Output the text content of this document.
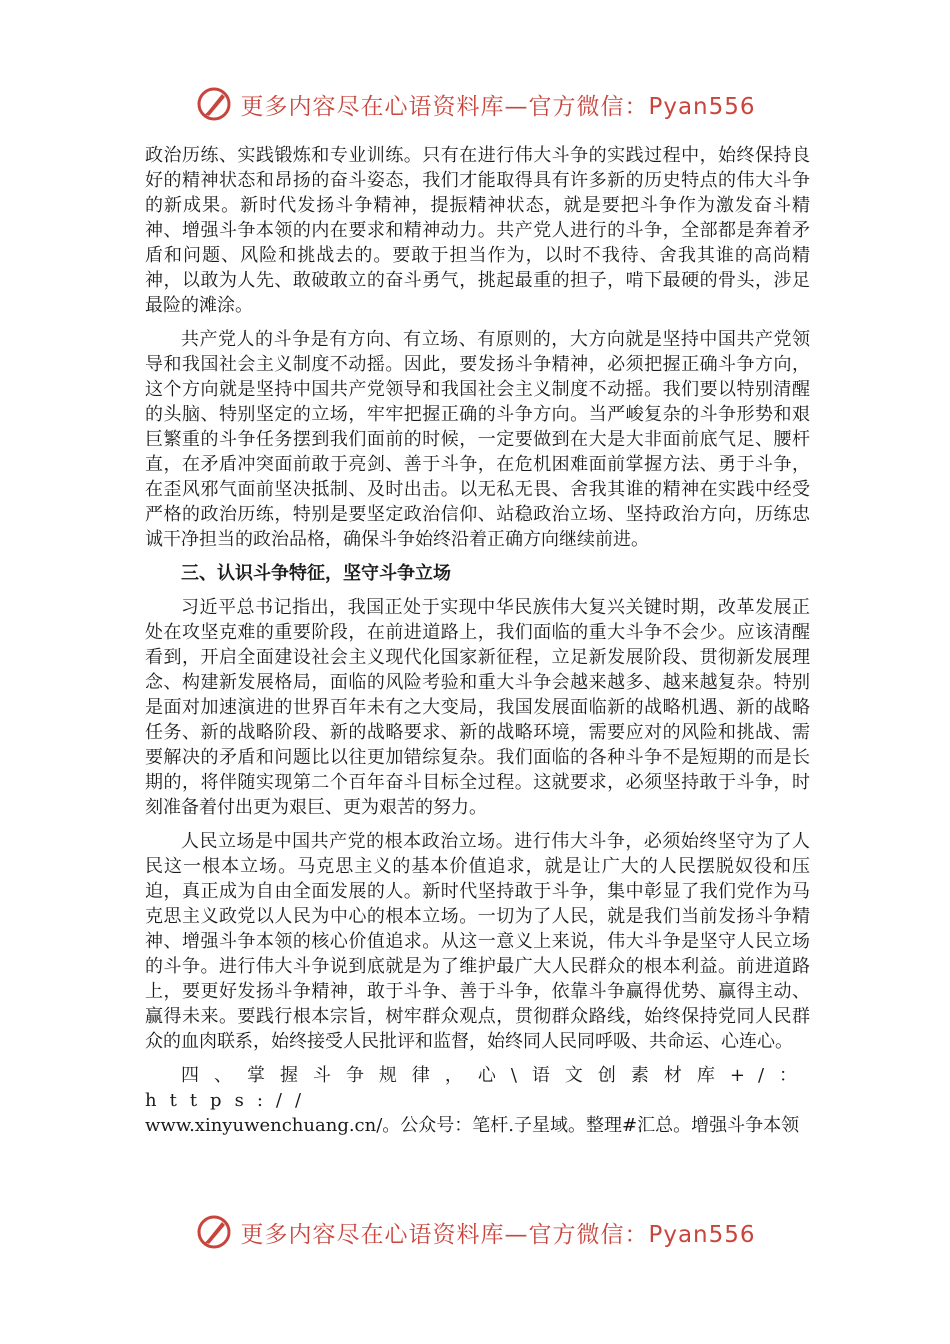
更多内容尽在心语资料库—官方微信：Pyan556

政治历练、实践锻炼和专业训练。只有在进行伟大斗争的实践过程中，始终保持良好的精神状态和昂扬的奋斗姿态，我们才能取得具有许多新的历史特点的伟大斗争的新成果。新时代发扬斗争精神，提振精神状态，就是要把斗争作为激发奋斗精神、增强斗争本领的内在要求和精神动力。共产党人进行的斗争，全部都是奔着矛盾和问题、风险和挑战去的。要敢于担当作为，以时不我待、舍我其谁的高尚精神，以敢为人先、敢破敢立的奋斗勇气，挑起最重的担子，啃下最硬的骨头，涉足最险的滩涂。

共产党人的斗争是有方向、有立场、有原则的，大方向就是坚持中国共产党领导和我国社会主义制度不动摇。因此，要发扬斗争精神，必须把握正确斗争方向，这个方向就是坚持中国共产党领导和我国社会主义制度不动摇。我们要以特别清醒的头脑、特别坚定的立场，牢牢把握正确的斗争方向。当严峻复杂的斗争形势和艰巨繁重的斗争任务摆到我们面前的时候，一定要做到在大是大非面前底气足、腰杆直，在矛盾冲突面前敢于亮剑、善于斗争，在危机困难面前掌握方法、勇于斗争，在歪风邪气面前坚决抵制、及时出击。以无私无畏、舍我其谁的精神在实践中经受严格的政治历练，特别是要坚定政治信仰、站稳政治立场、坚持政治方向，历练忠诚干净担当的政治品格，确保斗争始终沿着正确方向继续前进。

三、认识斗争特征，坚守斗争立场

习近平总书记指出，我国正处于实现中华民族伟大复兴关键时期，改革发展正处在攻坚克难的重要阶段，在前进道路上，我们面临的重大斗争不会少。应该清醒看到，开启全面建设社会主义现代化国家新征程，立足新发展阶段、贯彻新发展理念、构建新发展格局，面临的风险考验和重大斗争会越来越多、越来越复杂。特别是面对加速演进的世界百年未有之大变局，我国发展面临新的战略机遇、新的战略任务、新的战略阶段、新的战略要求、新的战略环境，需要应对的风险和挑战、需要解决的矛盾和问题比以往更加错综复杂。我们面临的各种斗争不是短期的而是长期的，将伴随实现第二个百年奋斗目标全过程。这就要求，必须坚持敢于斗争，时刻准备着付出更为艰巨、更为艰苦的努力。

人民立场是中国共产党的根本政治立场。进行伟大斗争，必须始终坚守为了人民这一根本立场。马克思主义的基本价值追求，就是让广大的人民摆脱奴役和压迫，真正成为自由全面发展的人。新时代坚持敢于斗争，集中彰显了我们党作为马克思主义政党以人民为中心的根本立场。一切为了人民，就是我们当前发扬斗争精神、增强斗争本领的核心价值追求。从这一意义上来说，伟大斗争是坚守人民立场的斗争。进行伟大斗争说到底就是为了维护最广大人民群众的根本利益。前进道路上，要更好发扬斗争精神，敢于斗争、善于斗争，依靠斗争赢得优势、赢得主动、赢得未来。要践行根本宗旨，树牢群众观点，贯彻群众路线，始终保持党同人民群众的血肉联系，始终接受人民批评和监督，始终同人民同呼吸、共命运、心连心。

四、掌握斗争规律，心\语文创素材库+/：https://
www.xinyuwenchuang.cn/。公众号：笔杆.子星域。整理#汇总。增强斗争本领

更多内容尽在心语资料库—官方微信：Pyan556
